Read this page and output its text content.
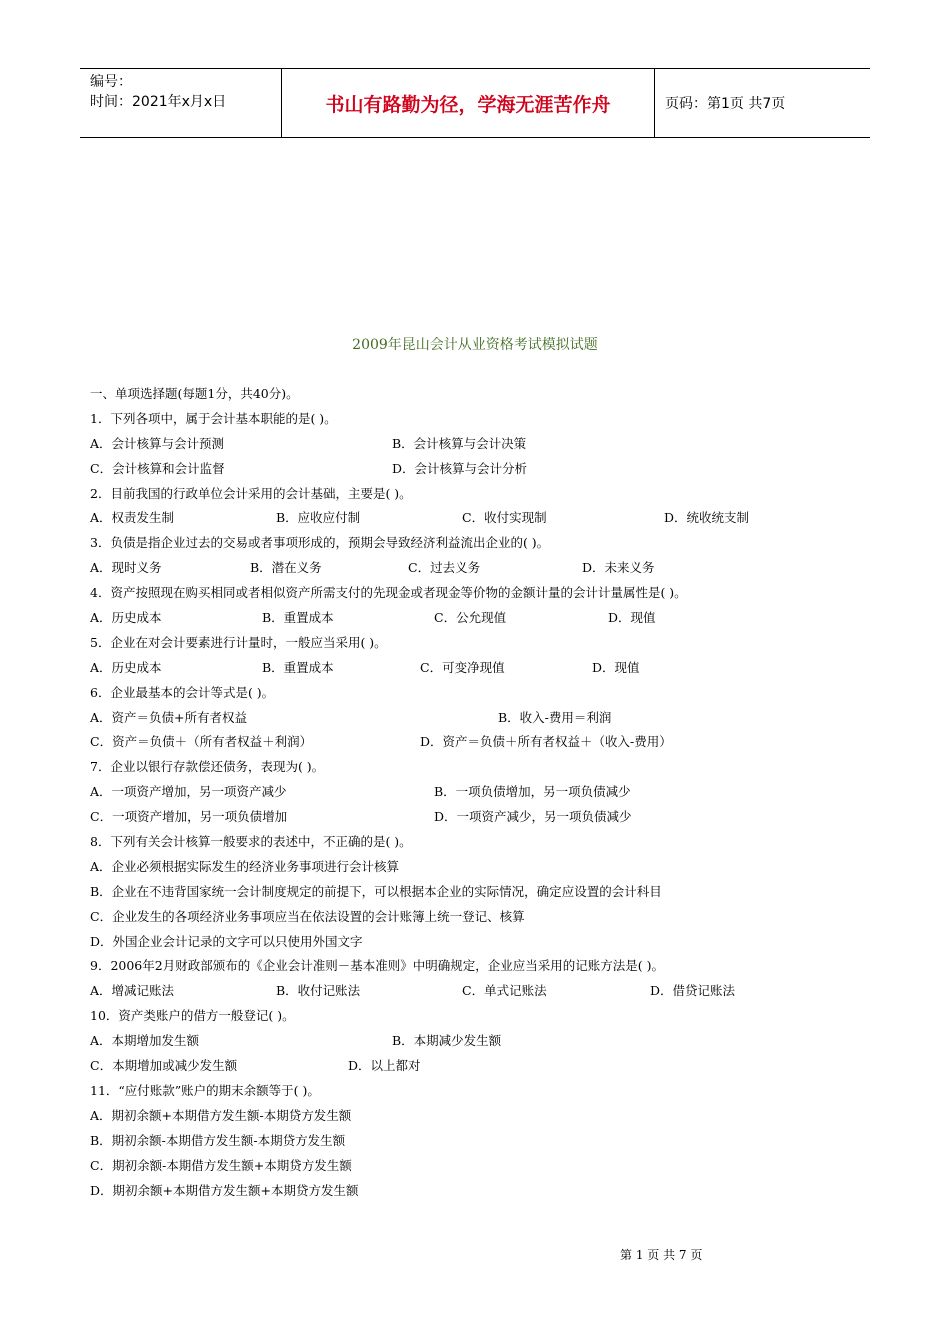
编号：
时间：2021年x月x日	书山有路勤为径，学海无涯苦作舟	页码：第1页 共7页
2009年昆山会计从业资格考试模拟试题
一、单项选择题(每题1分，共40分)。
1．下列各项中，属于会计基本职能的是( )。
A．会计核算与会计预测	B．会计核算与会计决策
C．会计核算和会计监督	D．会计核算与会计分析
2．目前我国的行政单位会计采用的会计基础，主要是( )。
A．权责发生制	B．应收应付制	C．收付实现制	D．统收统支制
3．负债是指企业过去的交易或者事项形成的，预期会导致经济利益流出企业的( )。
A．现时义务	B．潜在义务	C．过去义务	D．未来义务
4．资产按照现在购买相同或者相似资产所需支付的先现金或者现金等价物的金额计量的会计计量属性是( )。
A．历史成本	B．重置成本	C．公允现值	D．现值
5．企业在对会计要素进行计量时，一般应当采用( )。
A．历史成本	B．重置成本	C．可变净现值	D．现值
6．企业最基本的会计等式是( )。
A．资产＝负债+所有者权益	B．收入-费用＝利润
C．资产＝负债＋（所有者权益＋利润）	D．资产＝负债＋所有者权益＋（收入-费用）
7．企业以银行存款偿还债务，表现为( )。
A．一项资产增加，另一项资产减少	B．一项负债增加，另一项负债减少
C．一项资产增加，另一项负债增加	D．一项资产减少，另一项负债减少
8．下列有关会计核算一般要求的表述中，不正确的是( )。
A．企业必须根据实际发生的经济业务事项进行会计核算
B．企业在不违背国家统一会计制度规定的前提下，可以根据本企业的实际情况，确定应设置的会计科目
C．企业发生的各项经济业务事项应当在依法设置的会计账簿上统一登记、核算
D．外国企业会计记录的文字可以只使用外国文字
9．2006年2月财政部颁布的《企业会计准则－基本准则》中明确规定，企业应当采用的记账方法是( )。
A．增减记账法	B．收付记账法	C．单式记账法	D．借贷记账法
10．资产类账户的借方一般登记( )。
A．本期增加发生额	B．本期减少发生额
C．本期增加或减少发生额	D．以上都对
11．“应付账款”账户的期末余额等于( )。
A．期初余额+本期借方发生额-本期贷方发生额
B．期初余额-本期借方发生额-本期贷方发生额
C．期初余额-本期借方发生额+本期贷方发生额
D．期初余额+本期借方发生额+本期贷方发生额
第 1 页 共 7 页
